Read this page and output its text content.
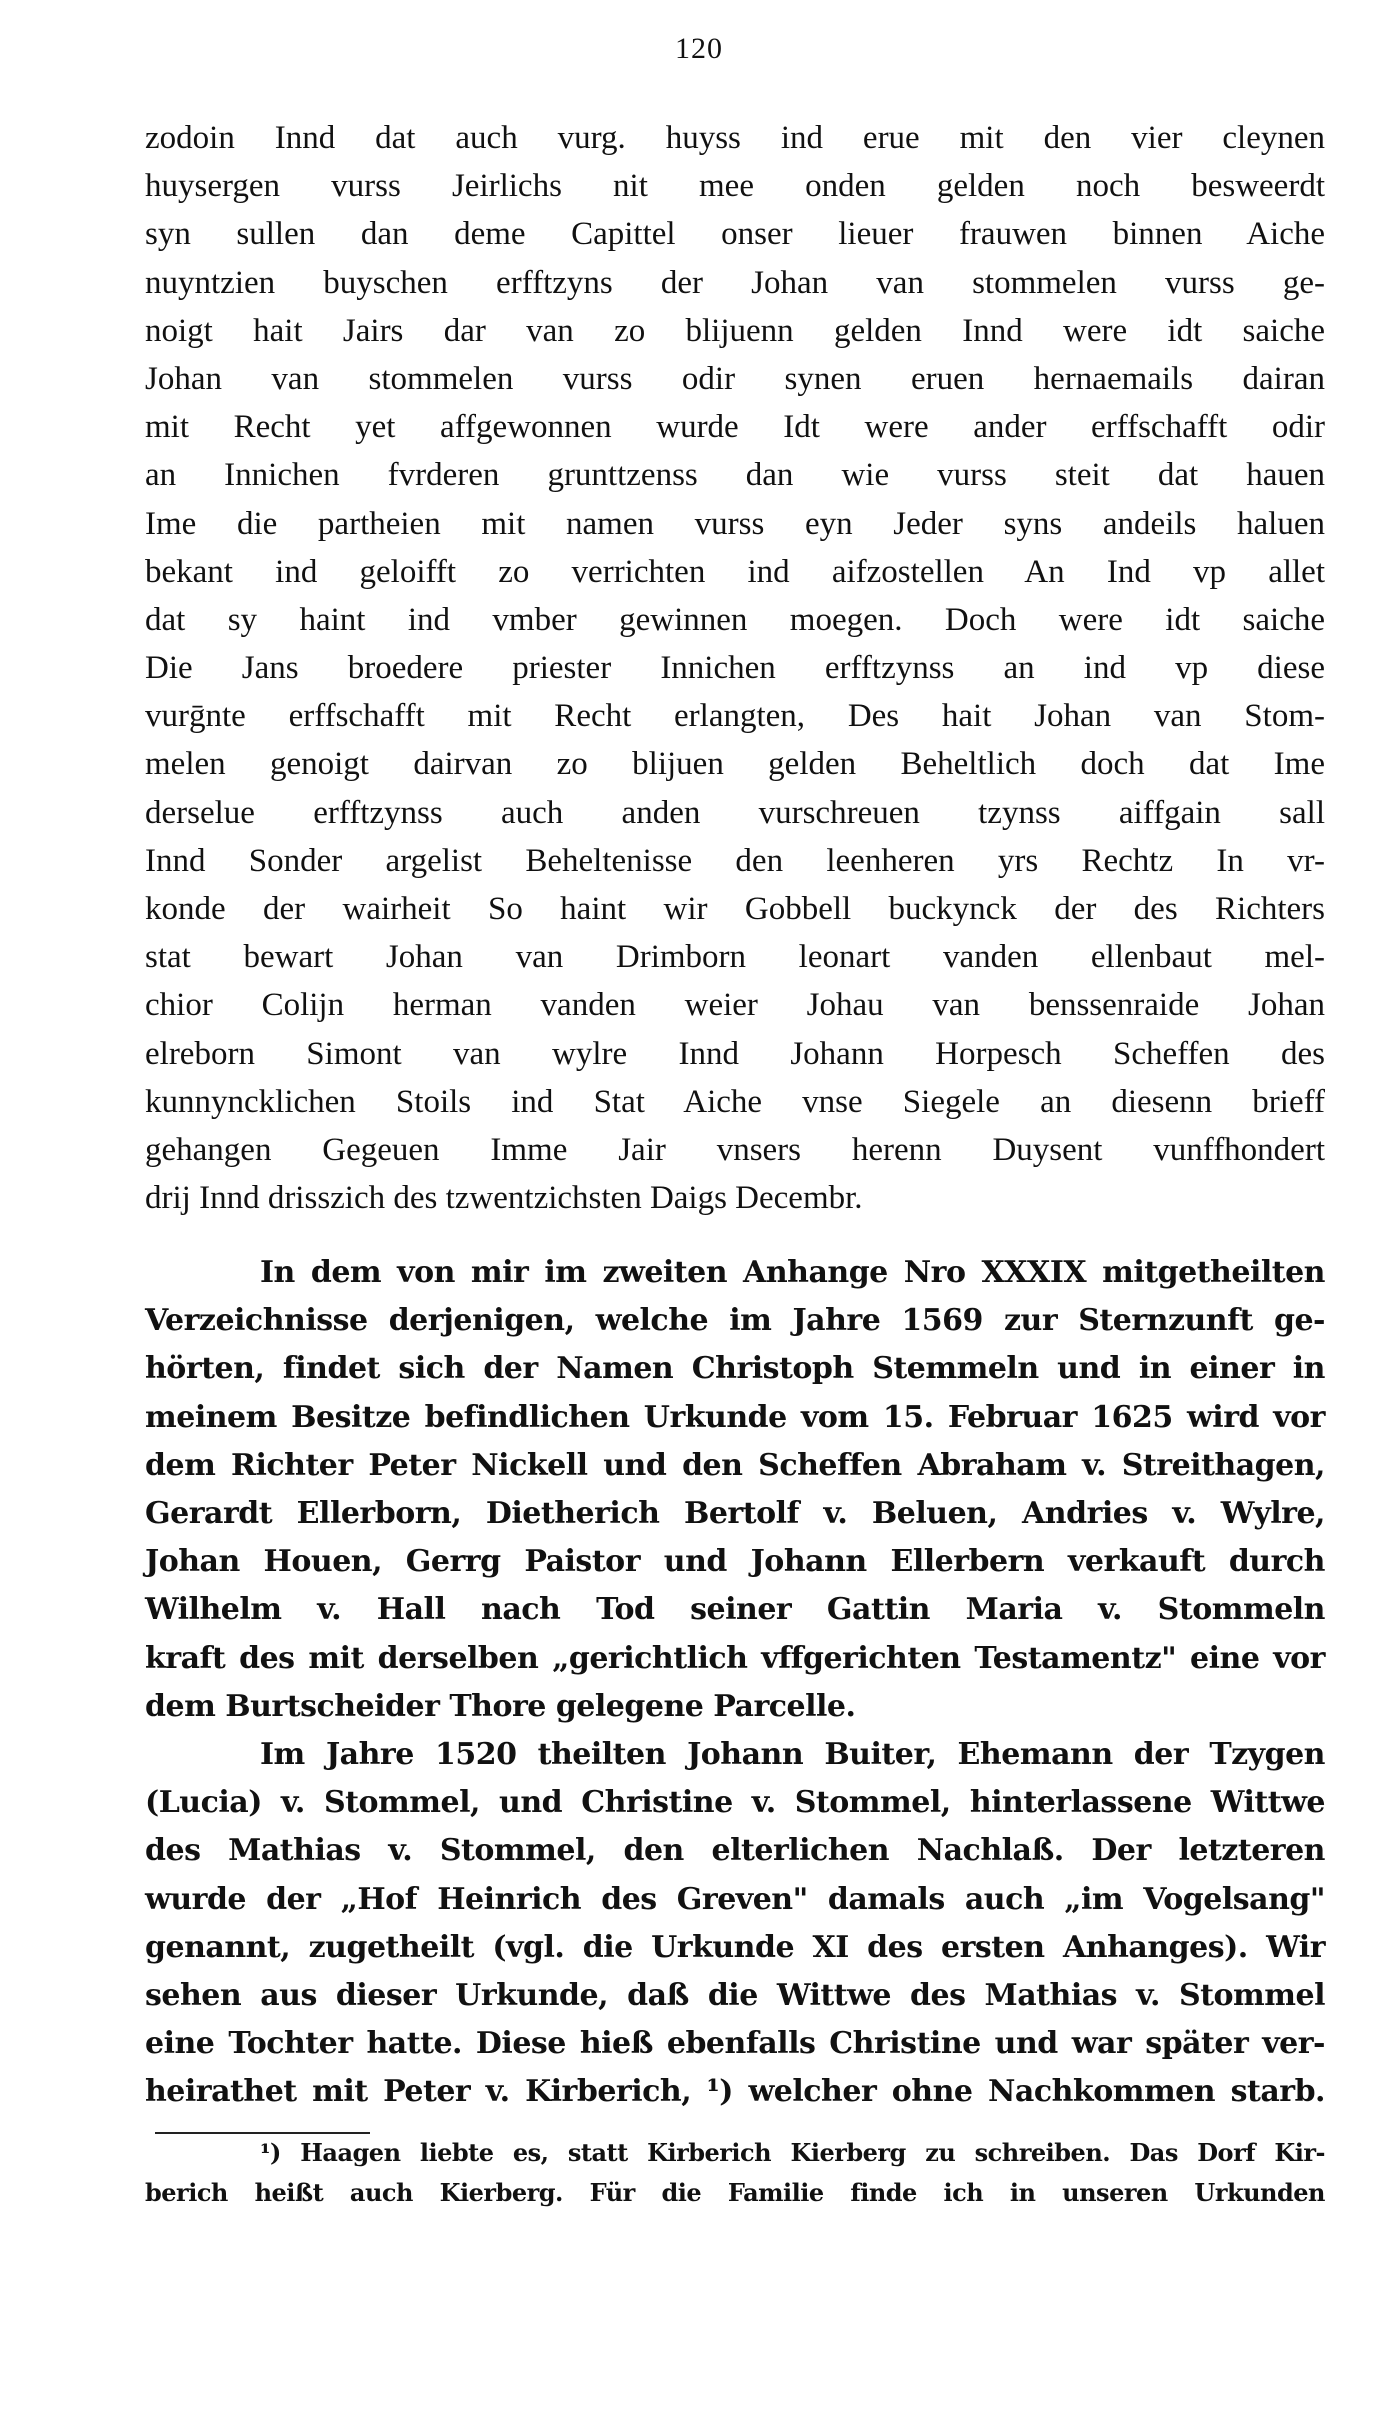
120
zodoin Innd dat auch vurg. huyss ind erue mit den vier cleynen
huysergen vurss Jeirlichs nit mee onden gelden noch besweerdt
syn sullen dan deme Capittel onser lieuer frauwen binnen Aiche
nuyntzien buyschen erfftzyns der Johan van stommelen vurss ge-
noigt hait Jairs dar van zo blijuenn gelden Innd were idt saiche
Johan van stommelen vurss odir synen eruen hernaemails dairan
mit Recht yet affgewonnen wurde Idt were ander erffschafft odir
an Innichen fvrderen grunttzenss dan wie vurss steit dat hauen
Ime die partheien mit namen vurss eyn Jeder syns andeils haluen
bekant ind geloifft zo verrichten ind aifzostellen An Ind vp allet
dat sy haint ind vmber gewinnen moegen. Doch were idt saiche
Die Jans broedere priester Innichen erfftzynss an ind vp diese
vurḡnte erffschafft mit Recht erlangten, Des hait Johan van Stom-
melen genoigt dairvan zo blijuen gelden Beheltlich doch dat Ime
derselue erfftzynss auch anden vurschreuen tzynss aiffgain sall
Innd Sonder argelist Beheltenisse den leenheren yrs Rechtz In vr-
konde der wairheit So haint wir Gobbell buckynck der des Richters
stat bewart Johan van Drimborn leonart vanden ellenbaut mel-
chior Colijn herman vanden weier Johau van benssenraide Johan
elreborn Simont van wylre Innd Johann Horpesch Scheffen des
kunnyncklichen Stoils ind Stat Aiche vnse Siegele an diesenn brieff
gehangen Gegeuen Imme Jair vnsers herenn Duysent vunffhondert
drij Innd drisszich des tzwentzichsten Daigs Decembr.
In dem von mir im zweiten Anhange Nro XXXIX mitgetheilten
Verzeichnisse derjenigen, welche im Jahre 1569 zur Sternzunft ge-
hörten, findet sich der Namen Christoph Stemmeln und in einer in
meinem Besitze befindlichen Urkunde vom 15. Februar 1625 wird vor
dem Richter Peter Nickell und den Scheffen Abraham v. Streithagen,
Gerardt Ellerborn, Dietherich Bertolf v. Beluen, Andries v. Wylre,
Johan Houen, Gerrg Paistor und Johann Ellerbern verkauft durch
Wilhelm v. Hall nach Tod seiner Gattin Maria v. Stommeln
kraft des mit derselben „gerichtlich vffgerichten Testamentz" eine vor
dem Burtscheider Thore gelegene Parcelle.
Im Jahre 1520 theilten Johann Buiter, Ehemann der Tzygen
(Lucia) v. Stommel, und Christine v. Stommel, hinterlassene Wittwe
des Mathias v. Stommel, den elterlichen Nachlaß. Der letzteren
wurde der „Hof Heinrich des Greven" damals auch „im Vogelsang"
genannt, zugetheilt (vgl. die Urkunde XI des ersten Anhanges). Wir
sehen aus dieser Urkunde, daß die Wittwe des Mathias v. Stommel
eine Tochter hatte. Diese hieß ebenfalls Christine und war später ver-
heirathet mit Peter v. Kirberich, ¹) welcher ohne Nachkommen starb.
¹) Haagen liebte es, statt Kirberich Kierberg zu schreiben. Das Dorf Kir-
berich heißt auch Kierberg. Für die Familie finde ich in unseren Urkunden
